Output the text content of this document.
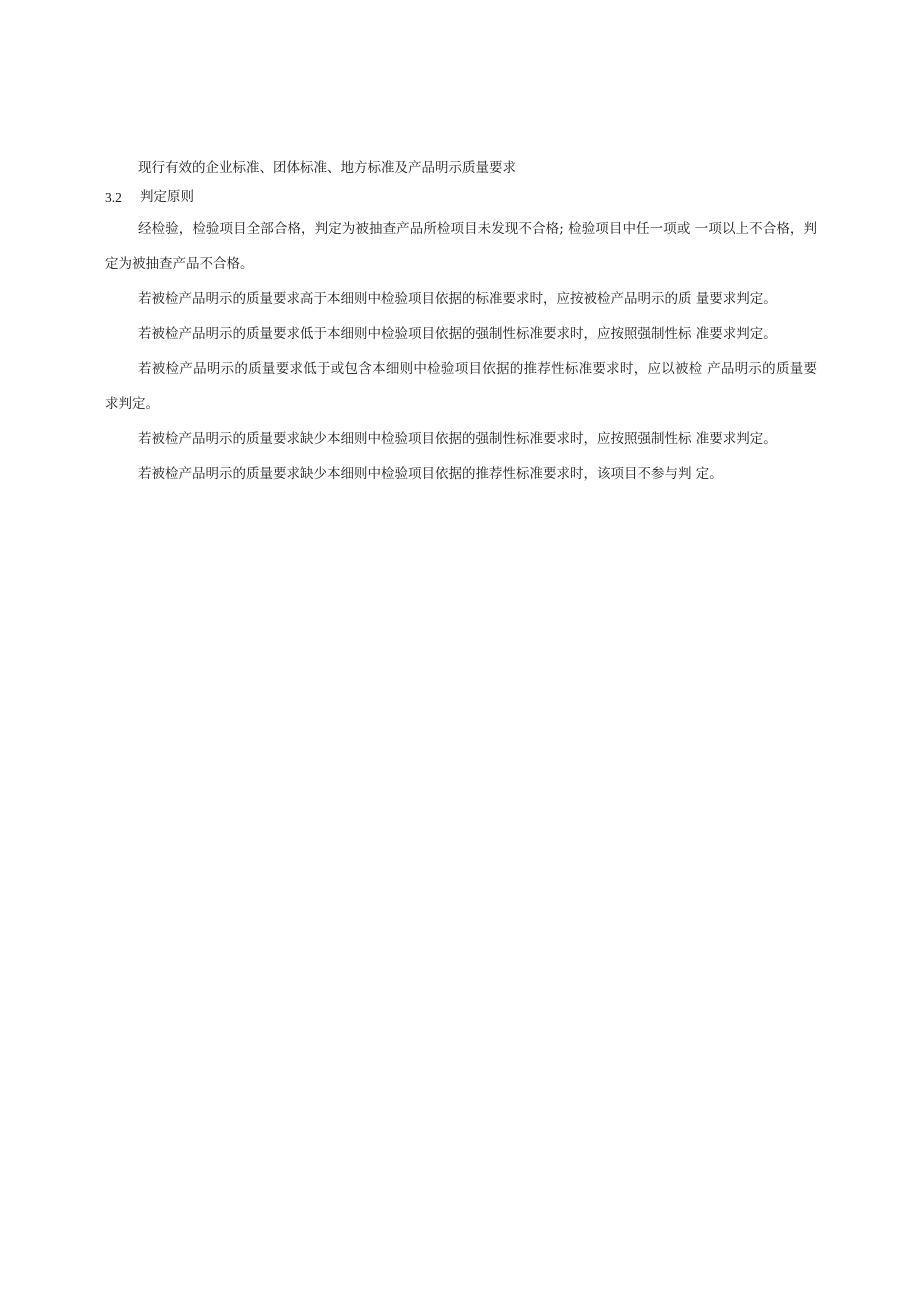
现行有效的企业标准、团体标准、地方标准及产品明示质量要求

3.2	判定原则

经检验，检验项目全部合格，判定为被抽查产品所检项目未发现不合格; 检验项目中任一项或 一项以上不合格，判定为被抽查产品不合格。

若被检产品明示的质量要求高于本细则中检验项目依据的标准要求时，应按被检产品明示的质 量要求判定。

若被检产品明示的质量要求低于本细则中检验项目依据的强制性标准要求时，应按照强制性标 准要求判定。

若被检产品明示的质量要求低于或包含本细则中检验项目依据的推荐性标准要求时，应以被检 产品明示的质量要求判定。

若被检产品明示的质量要求缺少本细则中检验项目依据的强制性标准要求时，应按照强制性标 准要求判定。

若被检产品明示的质量要求缺少本细则中检验项目依据的推荐性标准要求时，该项目不参与判 定。
